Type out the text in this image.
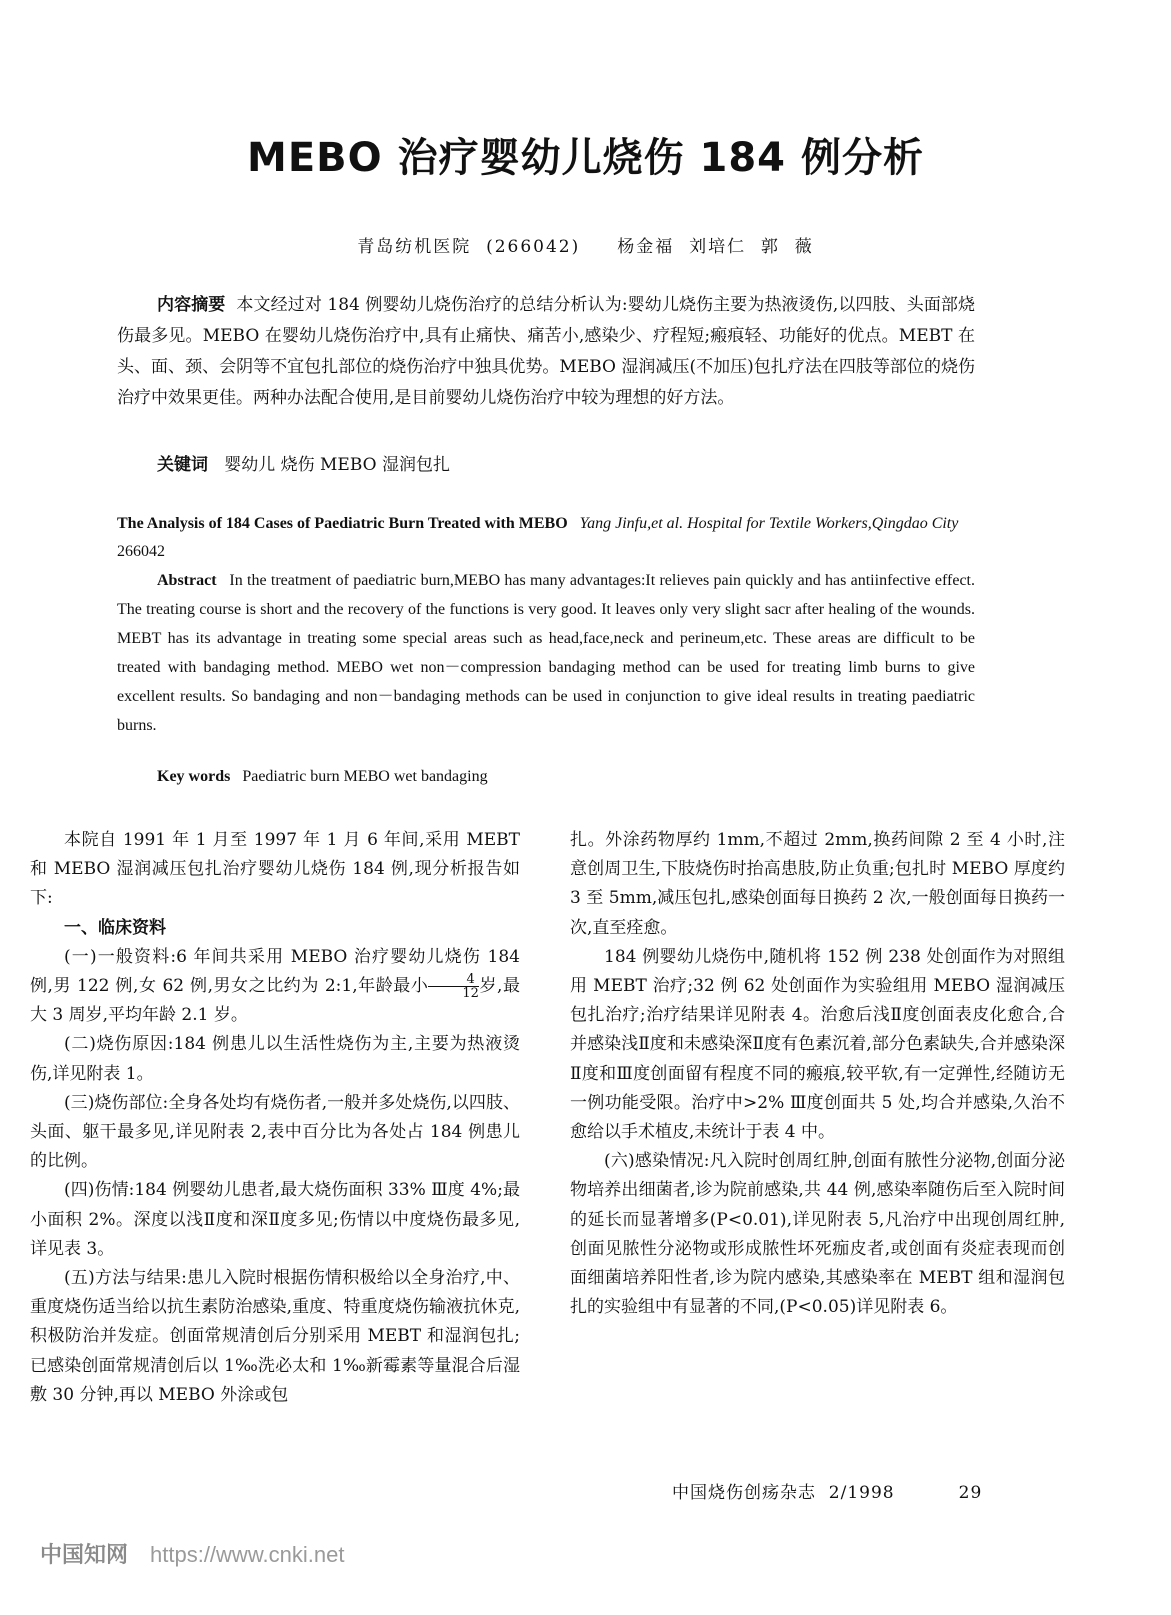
MEBO 治疗婴幼儿烧伤 184 例分析
青岛纺机医院  (266042)     杨金福  刘培仁  郭  薇

内容摘要 本文经过对 184 例婴幼儿烧伤治疗的总结分析认为:婴幼儿烧伤主要为热液烫伤,以四肢、头面部烧伤最多见。MEBO 在婴幼儿烧伤治疗中,具有止痛快、痛苦小,感染少、疗程短;瘢痕轻、功能好的优点。MEBT 在头、面、颈、会阴等不宜包扎部位的烧伤治疗中独具优势。MEBO 湿润减压(不加压)包扎疗法在四肢等部位的烧伤治疗中效果更佳。两种办法配合使用,是目前婴幼儿烧伤治疗中较为理想的好方法。

关键词 婴幼儿 烧伤 MEBO 湿润包扎

The Analysis of 184 Cases of Paediatric Burn Treated with MEBO Yang Jinfu,et al. Hospital for Textile Workers,Qingdao City 266042

Abstract In the treatment of paediatric burn,MEBO has many advantages:It relieves pain quickly and has antiinfective effect. The treating course is short and the recovery of the functions is very good. It leaves only very slight sacr after healing of the wounds. MEBT has its advantage in treating some special areas such as head,face,neck and perineum,etc. These areas are difficult to be treated with bandaging method. MEBO wet non－compression bandaging method can be used for treating limb burns to give excellent results. So bandaging and non－bandaging methods can be used in conjunction to give ideal results in treating paediatric burns.

Key words Paediatric burn MEBO wet bandaging

本院自 1991 年 1 月至 1997 年 1 月 6 年间,采用 MEBT 和 MEBO 湿润减压包扎治疗婴幼儿烧伤 184 例,现分析报告如下:

一、临床资料

(一)一般资料:6 年间共采用 MEBO 治疗婴幼儿烧伤 184 例,男 122 例,女 62 例,男女之比约为 2:1,年龄最小 $\frac{4}{12}$ 岁,最大 3 周岁,平均年龄 2.1 岁。

(二)烧伤原因:184 例患儿以生活性烧伤为主,主要为热液烫伤,详见附表 1。

(三)烧伤部位:全身各处均有烧伤者,一般并多处烧伤,以四肢、头面、躯干最多见,详见附表 2,表中百分比为各处占 184 例患儿的比例。

(四)伤情:184 例婴幼儿患者,最大烧伤面积 33% Ⅲ度 4%;最小面积 2%。深度以浅Ⅱ度和深Ⅱ度多见;伤情以中度烧伤最多见,详见表 3。

(五)方法与结果:患儿入院时根据伤情积极给以全身治疗,中、重度烧伤适当给以抗生素防治感染,重度、特重度烧伤输液抗休克,积极防治并发症。创面常规清创后分别采用 MEBT 和湿润包扎;已感染创面常规清创后以 1‰洗必太和 1‰新霉素等量混合后湿敷 30 分钟,再以 MEBO 外涂或包

扎。外涂药物厚约 1mm,不超过 2mm,换药间隙 2 至 4 小时,注意创周卫生,下肢烧伤时抬高患肢,防止负重;包扎时 MEBO 厚度约 3 至 5mm,减压包扎,感染创面每日换药 2 次,一般创面每日换药一次,直至痊愈。

184 例婴幼儿烧伤中,随机将 152 例 238 处创面作为对照组用 MEBT 治疗;32 例 62 处创面作为实验组用 MEBO 湿润减压包扎治疗;治疗结果详见附表 4。治愈后浅Ⅱ度创面表皮化愈合,合并感染浅Ⅱ度和未感染深Ⅱ度有色素沉着,部分色素缺失,合并感染深Ⅱ度和Ⅲ度创面留有程度不同的瘢痕,较平软,有一定弹性,经随访无一例功能受限。治疗中>2% Ⅲ度创面共 5 处,均合并感染,久治不愈给以手术植皮,未统计于表 4 中。

(六)感染情况:凡入院时创周红肿,创面有脓性分泌物,创面分泌物培养出细菌者,诊为院前感染,共 44 例,感染率随伤后至入院时间的延长而显著增多(P<0.01),详见附表 5,凡治疗中出现创周红肿,创面见脓性分泌物或形成脓性坏死痂皮者,或创面有炎症表现而创面细菌培养阳性者,诊为院内感染,其感染率在 MEBT 组和湿润包扎的实验组中有显著的不同,(P<0.05)详见附表 6。

中国烧伤创疡杂志  2/1998	29
中国知网 https://www.cnki.net
